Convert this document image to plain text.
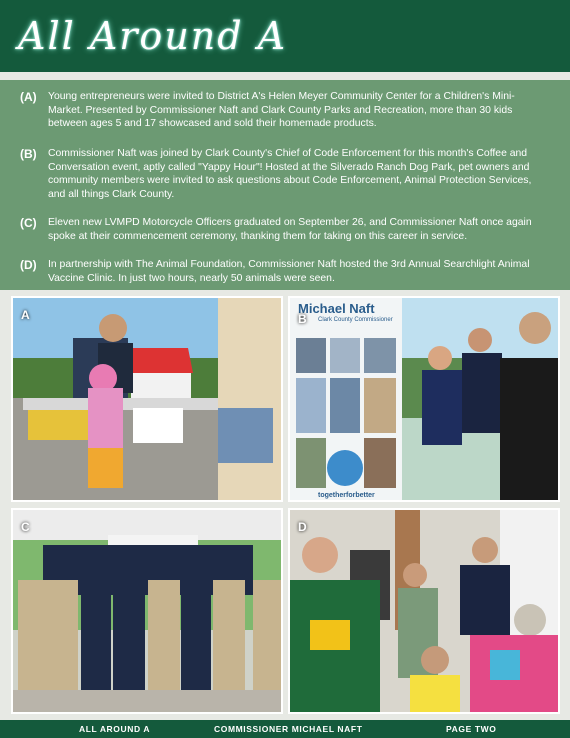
All Around A
(A)	Young entrepreneurs were invited to District A's Helen Meyer Community Center for a Children's Mini-Market. Presented by Commissioner Naft and Clark County Parks and Recreation, more than 30 kids between ages 5 and 17 showcased and sold their homemade products.
(B)	Commissioner Naft was joined by Clark County's Chief of Code Enforcement for this month's Coffee and Conversation event, aptly called "Yappy Hour"! Hosted at the Silverado Ranch Dog Park, pet owners and community members were invited to ask questions about Code Enforcement, Animal Protection Services, and all things Clark County.
(C)	Eleven new LVMPD Motorcycle Officers graduated on September 26, and Commissioner Naft once again spoke at their commencement ceremony, thanking them for taking on this career in service.
(D)	In partnership with The Animal Foundation, Commissioner Naft hosted the 3rd Annual Searchlight Animal Vaccine Clinic. In just two hours, nearly 50 animals were seen.
A	Michael Naft
Clark County Commissioner
togetherforbetter
B
C	D
ALL AROUND A	COMMISSIONER MICHAEL NAFT	PAGE TWO
